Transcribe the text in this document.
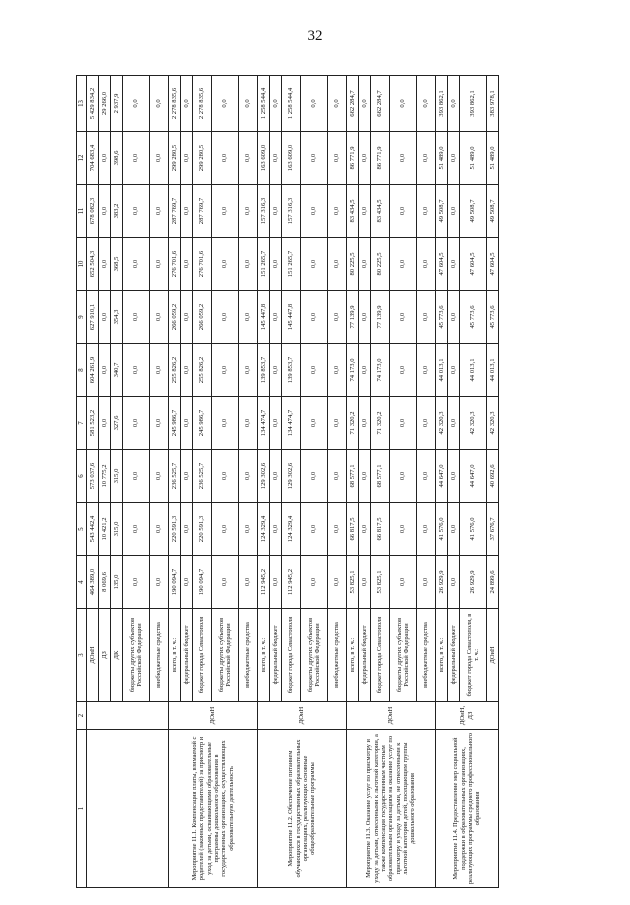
32
1	2	3	4	5	6	7	8	9	10	11	12	13
		ДОиН	464 389,0	543 442,4	573 037,6	581 523,2	604 261,9	627 910,1	652 504,3	678 082,3	704 683,4	5 429 834,2
		ДЗ	8 069,6	10 421,2	10 775,2	0,0	0,0	0,0	0,0	0,0	0,0	29 266,0
		ДК	135,0	315,0	315,0	327,6	340,7	354,3	368,5	383,2	398,6	2 937,9
		бюджеты других субъектов Российской Федерации	0,0	0,0	0,0	0,0	0,0	0,0	0,0	0,0	0,0	0,0
		внебюджетные средства	0,0	0,0	0,0	0,0	0,0	0,0	0,0	0,0	0,0	0,0
Мероприятие 11.1. Компенсация платы, взимаемой с родителей (законных представителей) за присмотр и уход за детьми, осваивающими образовательные программы дошкольного образования в государственных организациях, осуществляющих образовательную деятельность	ДОиН	всего, в т. ч.:	190 094,7	220 591,3	236 525,7	245 986,7	255 826,2	266 059,2	276 701,6	287 769,7	299 280,5	2 278 835,6
		федеральный бюджет	0,0	0,0	0,0	0,0	0,0	0,0	0,0	0,0	0,0	0,0
		бюджет города Севастополя	190 094,7	220 591,3	236 525,7	245 986,7	255 826,2	266 059,2	276 701,6	287 769,7	299 280,5	2 278 835,6
		бюджеты других субъектов Российской Федерации	0,0	0,0	0,0	0,0	0,0	0,0	0,0	0,0	0,0	0,0
		внебюджетные средства	0,0	0,0	0,0	0,0	0,0	0,0	0,0	0,0	0,0	0,0
Мероприятие 11.2. Обеспечение питанием обучающихся в государственных образовательных организациях, реализующих основные общеобразовательные программы	ДОиН	всего, в т. ч.:	112 945,2	124 329,4	129 302,6	134 474,7	139 853,7	145 447,8	151 265,7	157 316,3	163 609,0	1 258 544,4
		федеральный бюджет	0,0	0,0	0,0	0,0	0,0	0,0	0,0	0,0	0,0	0,0
		бюджет города Севастополя	112 945,2	124 329,4	129 302,6	134 474,7	139 853,7	145 447,8	151 265,7	157 316,3	163 609,0	1 258 544,4
		бюджеты других субъектов Российской Федерации	0,0	0,0	0,0	0,0	0,0	0,0	0,0	0,0	0,0	0,0
		внебюджетные средства	0,0	0,0	0,0	0,0	0,0	0,0	0,0	0,0	0,0	0,0
Мероприятие 11.3. Оказание услуг по присмотру и уходу за детьми, отнесенными к льготной категории, а также компенсация государственным частным образовательным организациям на оказание услуг по присмотру и уходу за детьми, не отнесенными к льготной категории детей, посещающим группы дошкольного образования	ДОиН	всего, в т. ч.:	53 825,1	66 817,5	68 577,1	71 320,2	74 173,0	77 139,9	80 225,5	83 434,5	86 771,9	662 284,7
		федеральный бюджет	0,0	0,0	0,0	0,0	0,0	0,0	0,0	0,0	0,0	0,0
		бюджет города Севастополя	53 825,1	66 817,5	68 577,1	71 320,2	74 173,0	77 139,9	80 225,5	83 434,5	86 771,9	662 284,7
		бюджеты других субъектов Российской Федерации	0,0	0,0	0,0	0,0	0,0	0,0	0,0	0,0	0,0	0,0
		внебюджетные средства	0,0	0,0	0,0	0,0	0,0	0,0	0,0	0,0	0,0	0,0
Мероприятие 11.4. Предоставление мер социальной поддержки в образовательных организациях, реализующих программы среднего профессионального образования	ДОиН, ДЗ	всего, в т. ч.:	26 929,9	41 576,0	44 647,0	42 320,3	44 013,1	45 773,6	47 604,5	49 508,7	51 489,0	393 862,1
		федеральный бюджет	0,0	0,0	0,0	0,0	0,0	0,0	0,0	0,0	0,0	0,0
		бюджет города Севастополя, в т. ч.:	26 929,9	41 576,0	44 647,0	42 320,3	44 013,1	45 773,6	47 604,5	49 508,7	51 489,0	393 862,1
		ДОиН	24 899,6	37 676,7	40 692,6	42 320,3	44 013,1	45 773,6	47 604,5	49 508,7	51 489,0	383 978,1
